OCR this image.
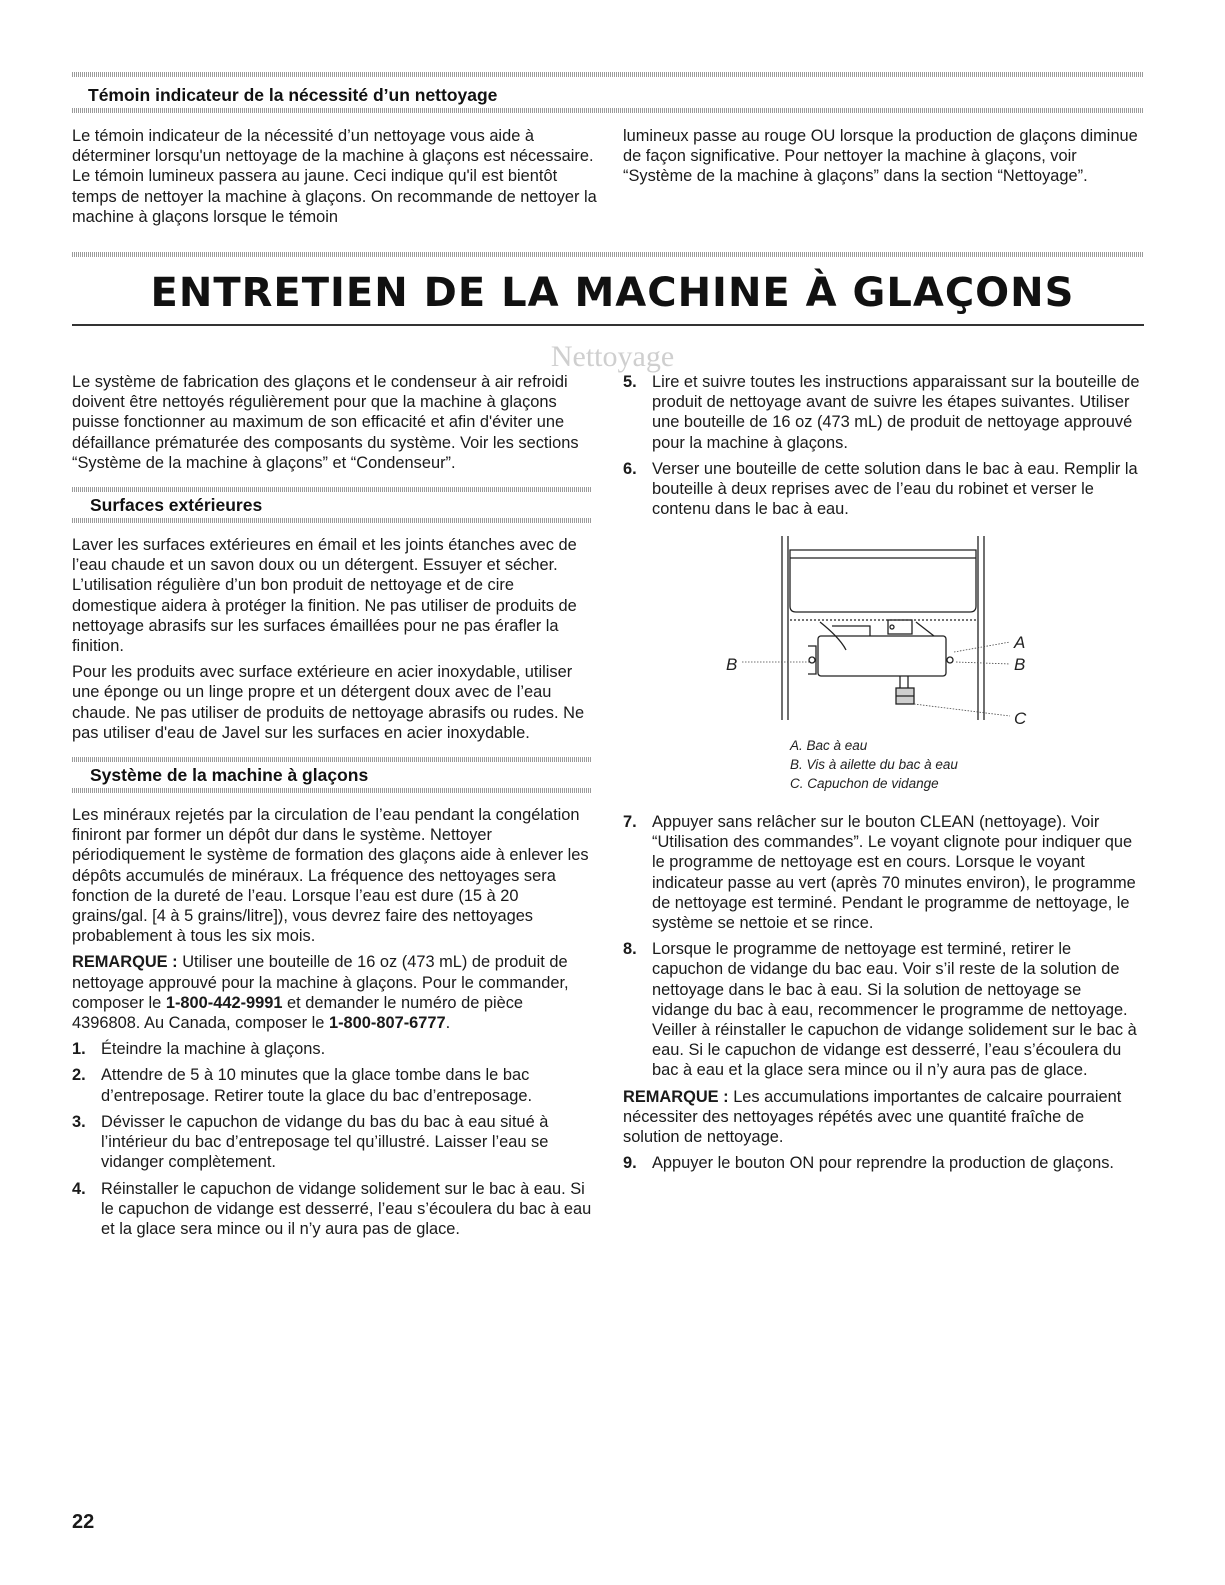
Témoin indicateur de la nécessité d’un nettoyage

Le témoin indicateur de la nécessité d’un nettoyage vous aide à déterminer lorsqu'un nettoyage de la machine à glaçons est nécessaire. Le témoin lumineux passera au jaune. Ceci indique qu'il est bientôt temps de nettoyer la machine à glaçons. On recommande de nettoyer la machine à glaçons lorsque le témoin

lumineux passe au rouge OU lorsque la production de glaçons diminue de façon significative. Pour nettoyer la machine à glaçons, voir “Système de la machine à glaçons” dans la section “Nettoyage”.

ENTRETIEN DE LA MACHINE À GLAÇONS
Nettoyage

Le système de fabrication des glaçons et le condenseur à air refroidi doivent être nettoyés régulièrement pour que la machine à glaçons puisse fonctionner au maximum de son efficacité et afin d'éviter une défaillance prématurée des composants du système. Voir les sections “Système de la machine à glaçons” et “Condenseur”.

Surfaces extérieures

Laver les surfaces extérieures en émail et les joints étanches avec de l’eau chaude et un savon doux ou un détergent. Essuyer et sécher. L’utilisation régulière d’un bon produit de nettoyage et de cire domestique aidera à protéger la finition. Ne pas utiliser de produits de nettoyage abrasifs sur les surfaces émaillées pour ne pas érafler la finition.

Pour les produits avec surface extérieure en acier inoxydable, utiliser une éponge ou un linge propre et un détergent doux avec de l’eau chaude. Ne pas utiliser de produits de nettoyage abrasifs ou rudes. Ne pas utiliser d'eau de Javel sur les surfaces en acier inoxydable.

Système de la machine à glaçons

Les minéraux rejetés par la circulation de l’eau pendant la congélation finiront par former un dépôt dur dans le système. Nettoyer périodiquement le système de formation des glaçons aide à enlever les dépôts accumulés de minéraux. La fréquence des nettoyages sera fonction de la dureté de l’eau. Lorsque l’eau est dure (15 à 20 grains/gal. [4 à 5 grains/litre]), vous devrez faire des nettoyages probablement à tous les six mois.

REMARQUE : Utiliser une bouteille de 16 oz (473 mL) de produit de nettoyage approuvé pour la machine à glaçons. Pour le commander, composer le 1-800-442-9991 et demander le numéro de pièce 4396808. Au Canada, composer le 1-800-807-6777.

1. Éteindre la machine à glaçons.
2. Attendre de 5 à 10 minutes que la glace tombe dans le bac d’entreposage. Retirer toute la glace du bac d’entreposage.
3. Dévisser le capuchon de vidange du bas du bac à eau situé à l’intérieur du bac d’entreposage tel qu’illustré. Laisser l’eau se vidanger complètement.
4. Réinstaller le capuchon de vidange solidement sur le bac à eau. Si le capuchon de vidange est desserré, l’eau s’écoulera du bac à eau et la glace sera mince ou il n’y aura pas de glace.
5. Lire et suivre toutes les instructions apparaissant sur la bouteille de produit de nettoyage avant de suivre les étapes suivantes. Utiliser une bouteille de 16 oz (473 mL) de produit de nettoyage approuvé pour la machine à glaçons.
6. Verser une bouteille de cette solution dans le bac à eau. Remplir la bouteille à deux reprises avec de l’eau du robinet et verser le contenu dans le bac à eau.
A
B
B
C
A. Bac à eau
B. Vis à ailette du bac à eau
C. Capuchon de vidange
7. Appuyer sans relâcher sur le bouton CLEAN (nettoyage). Voir “Utilisation des commandes”. Le voyant clignote pour indiquer que le programme de nettoyage est en cours. Lorsque le voyant indicateur passe au vert (après 70 minutes environ), le programme de nettoyage est terminé. Pendant le programme de nettoyage, le système se nettoie et se rince.
8. Lorsque le programme de nettoyage est terminé, retirer le capuchon de vidange du bac eau. Voir s’il reste de la solution de nettoyage dans le bac à eau. Si la solution de nettoyage se vidange du bac à eau, recommencer le programme de nettoyage. Veiller à réinstaller le capuchon de vidange solidement sur le bac à eau. Si le capuchon de vidange est desserré, l’eau s’écoulera du bac à eau et la glace sera mince ou il n’y aura pas de glace.

REMARQUE : Les accumulations importantes de calcaire pourraient nécessiter des nettoyages répétés avec une quantité fraîche de solution de nettoyage.

9. Appuyer le bouton ON pour reprendre la production de glaçons.
22
